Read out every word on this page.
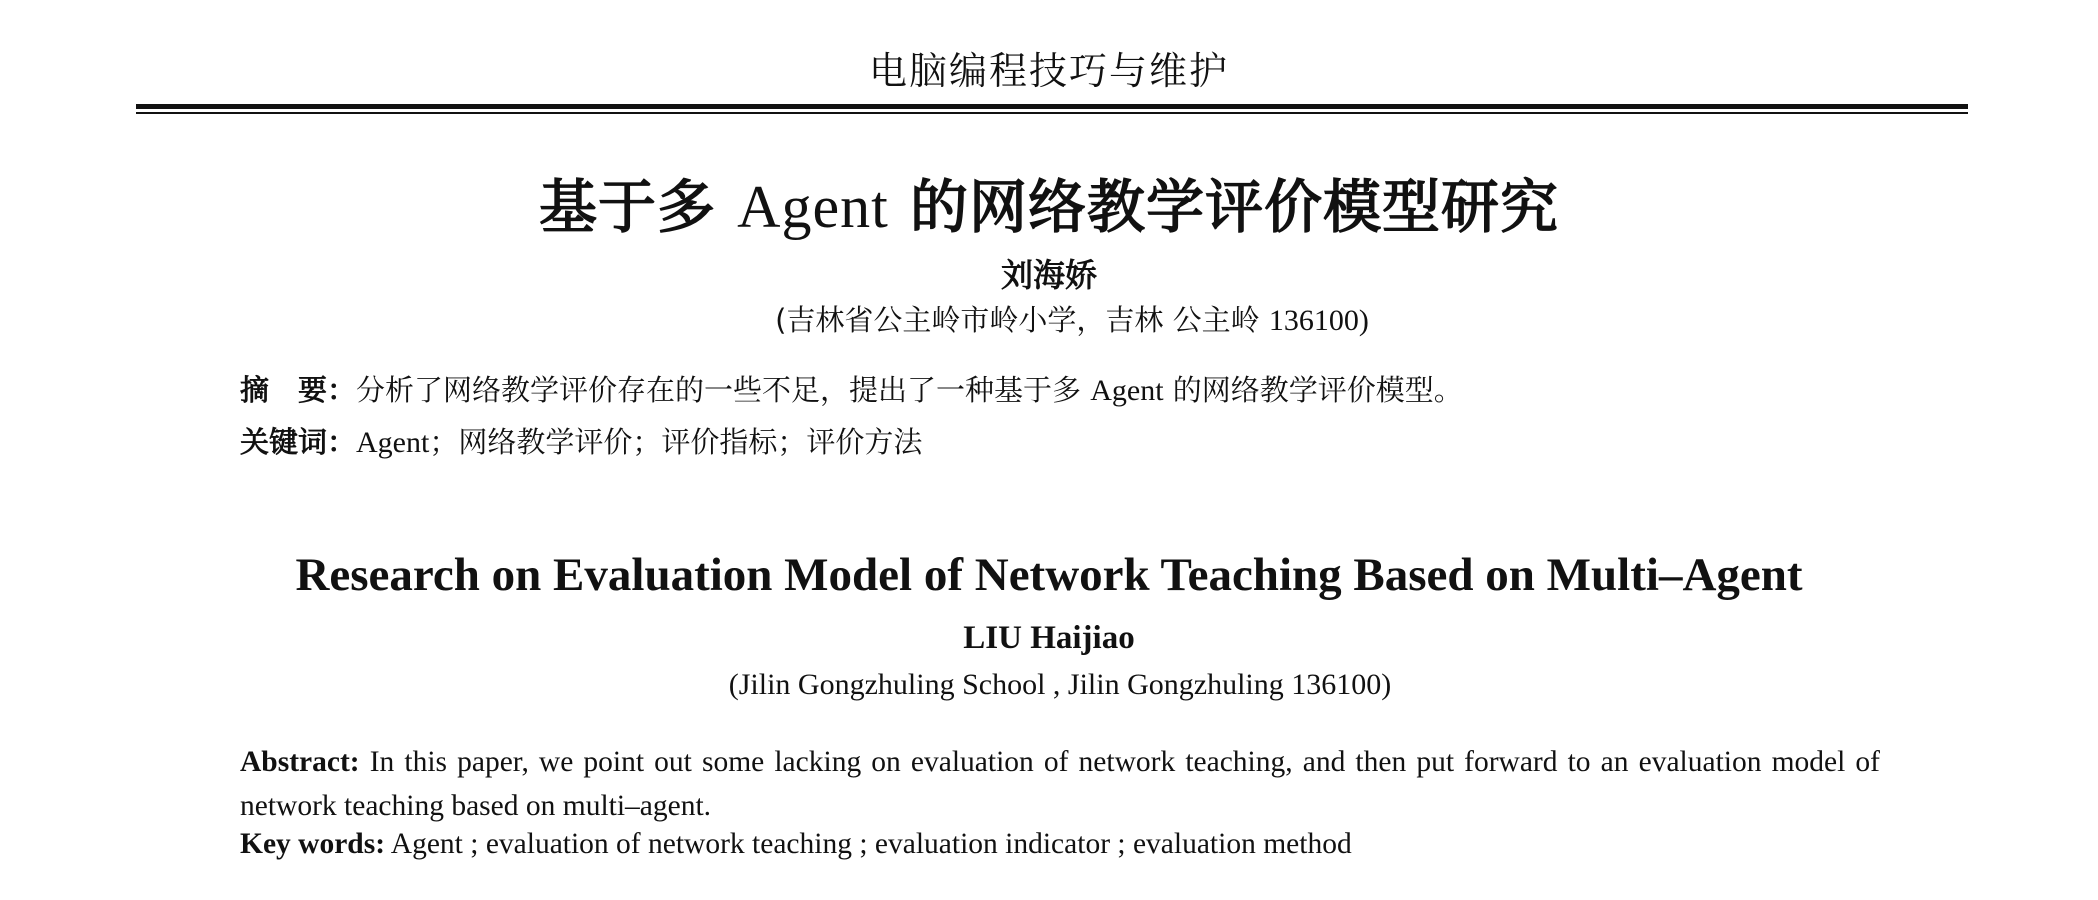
电脑编程技巧与维护
基于多 Agent 的网络教学评价模型研究
刘海娇
(吉林省公主岭市岭小学，吉林 公主岭 136100)
摘　要：分析了网络教学评价存在的一些不足，提出了一种基于多 Agent 的网络教学评价模型。
关键词：Agent；网络教学评价；评价指标；评价方法
Research on Evaluation Model of Network Teaching Based on Multi–Agent
LIU Haijiao
(Jilin Gongzhuling School , Jilin Gongzhuling 136100)
Abstract: In this paper, we point out some lacking on evaluation of network teaching, and then put forward to an evaluation model of network teaching based on multi–agent.
Key words: Agent ; evaluation of network teaching ; evaluation indicator ; evaluation method
